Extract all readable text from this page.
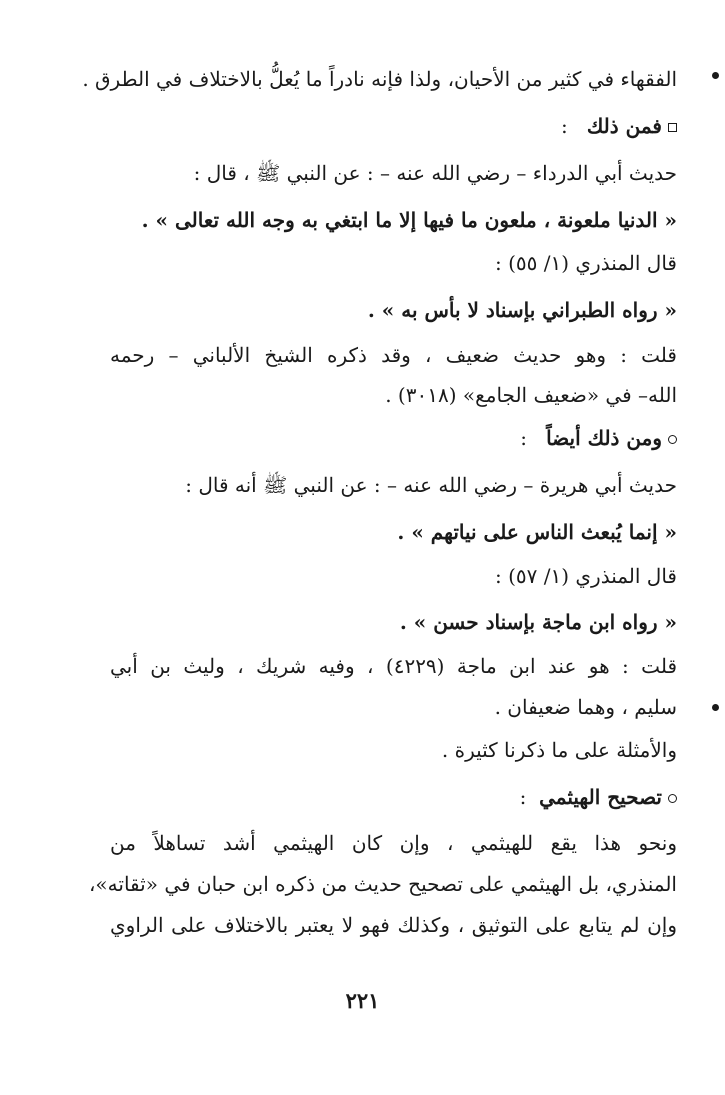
الفقهاء في كثير من الأحيان، ولذا فإنه نادراً ما يُعلُّ بالاختلاف في الطرق .
فمن ذلك   :
حديث أبي الدرداء – رضي الله عنه – : عن النبي ﷺ ، قال :
« الدنيا ملعونة ، ملعون ما فيها إلا ما ابتغي به وجه الله تعالى » .
قال المنذري (١/ ٥٥) :
« رواه الطبراني بإسناد لا بأس به » .
قلت : وهو حديث ضعيف ، وقد ذكره الشيخ الألباني – رحمه
الله– في «ضعيف الجامع» (٣٠١٨) .
ومن ذلك أيضاً   :
حديث أبي هريرة – رضي الله عنه – : عن النبي ﷺ أنه قال :
« إنما يُبعث الناس على نياتهم » .
قال المنذري (١/ ٥٧) :
« رواه ابن ماجة بإسناد حسن » .
قلت : هو عند ابن ماجة (٤٢٢٩) ، وفيه شريك ، وليث بن أبي
سليم ، وهما ضعيفان .
والأمثلة على ما ذكرنا كثيرة .
تصحيح الهيثمي  :
ونحو هذا يقع للهيثمي ، وإن كان الهيثمي أشد تساهلاً من
المنذري، بل الهيثمي على تصحيح حديث من ذكره ابن حبان في «ثقاته»،
وإن لم يتابع على التوثيق ، وكذلك فهو لا يعتبر بالاختلاف على الراوي
٢٢١
